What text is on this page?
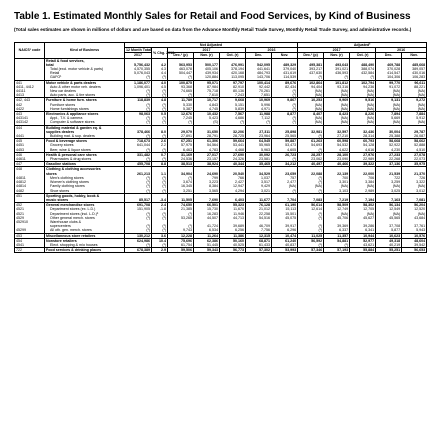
Table 1. Estimated Monthly Sales for Retail and Food Services, by Kind of Business
(Total sales estimates are shown in millions of dollars and are based on data from the Advance Monthly Retail Trade Survey, Monthly Retail Trade Survey, and administrative records.)
NAICS¹ code	Kind of Business	Not Adjusted							Adjusted²				
		12 Month Total	% Chg. 2016	2017			2016		2017			2016	
		2017		Dec.³ (p)	Nov. (r)	Oct. (r)	Dec.	Nov.	Dec.³ (p)	Nov. (r)	Oct. (r)	Dec.	Nov.
	Retail & food services,												
	total	5,756,432	4.2	563,953	500,177	476,991	542,095	489,329	495,381	493,643	488,490	469,788	485,668
	Total (excl. motor vehicle & parts)	4,570,355	4.3	463,078	405,106	378,194	441,641	379,040	393,217	391,021	388,074	370,028	389,057
	Retail	5,076,043	4.4	504,447	439,934	420,168	484,793	431,619	437,630	436,593	432,584	414,547	430,016
	GAFO¹	(¹)	(¹)	(¹)	120,884	113,095	143,706	114,539	(¹)	(¹)	(¹)	104,306	106,283
441	Motor vehicle & parts dealers	1,186,077	4.0	100,875	95,071	97,797	100,414	89,676	102,864	101,812	102,794	99,770	96,611
4411, 4412	Auto & other motor veh. dealers	1,096,401	4.5	93,368	87,984	82,910	92,442	82,434	94,404	93,316	94,236	91,072	88,221
44111	New car dealers	(¹)	(¹)	74,665	75,718	80,136	70,261	(¹)	(NA)	(NA)	(NA)	(NA)	(NA)
4413	Auto parts, acc. & tire stores	(¹)	(¹)	(¹)	7,610	7,243	7,651	(¹)	(NA)	(NA)	(NA)	(NA)	(NA)
442, 443	Furniture & home furn. stores	118,839	4.8	11,789	10,717	9,668	10,969	9,867	10,253	9,969	9,516	9,131	9,272
442	Furniture stores	(¹)	(¹)	5,330	4,843	5,151	5,996	(¹)	(NA)	(NA)	(NA)	(NA)	(NA)
4422	Home furnishings stores	(¹)	(¹)	5,387	4,745	5,839	4,971	(¹)	(NA)	(NA)	(NA)	(NA)	(NA)
443	Electronics & appliance stores	98,063	0.5	12,676	10,432	7,567	11,988	8,877	8,407	8,423	8,226	7,894	7,884
443141	Appl., T.V. & camera	(¹)	(¹)	7,245	5,423	4,686	7,112	(¹)	(NA)	(NA)	(NA)	5,669	5,912
443142	Computer & software stores	(¹)	(¹)	(¹)	(S)	(¹)	(¹)	(¹)	(NA)	(NA)	(NA)	(NA)	(NA)
444	Building material & garden eq. &												
	supplies dealers	378,466	8.0	29,079	31,650	32,206	27,311	25,898	32,981	32,597	32,436	30,004	29,787
4441	Building mat. & sup. dealers	(¹)	(¹)	27,891	28,791	28,725	23,964	25,565	(¹)	27,210	28,314	25,388	26,087
445	Food & beverage stores	718,673	2.6	67,251	61,306	59,664	64,545	59,887	61,263	60,598	60,793	58,668	58,662
4451	Grocery stores	641,044	2.2	57,975	54,564	53,441	55,965	53,473	54,693	54,532	54,128	52,922	52,888
4453	Beer, wine & liquor stores	(¹)	(¹)	6,463	4,783	4,468	5,963	4,605	(¹)	4,622	4,616	4,230	4,510
446	Health & personal care stores	331,482	0.7	31,169	27,017	27,690	30,092	26,723	28,257	28,100	27,976	27,233	27,078
44611	Pharmacies & drug stores	(¹)	(¹)	24,536	23,157	24,326	23,581	(¹)	23,062	23,090	22,989	22,268	22,073
447	Gasoline stations	455,708	8.8	38,513	38,924	40,344	35,465	34,212	40,497	40,466	39,322	37,136	35,975
448	Clothing & clothing accessories												
	stores	261,213	1.1	34,904	24,690	20,540	34,529	23,659	22,088	22,139	22,000	21,539	21,370
44811	Men's clothing stores	(¹)	(¹)	(¹)	799	766	1,037	757	(¹)	700	706	722	726
44812	Women's clothing stores	(¹)	(¹)	3,674	3,223	2,427	3,517	2,477	(¹)	3,301	3,384	3,259	3,322
44814	Family clothing stores	(¹)	(¹)	16,345	8,384	12,947	9,429	(NA)	(NA)	(NA)	(NA)	(NA)	(NA)
4482	Shoe stores	(¹)	(¹)	3,251	3,565	4,294	3,021	(¹)	(¹)	3,103	2,989	3,025	3,012
451	Sporting goods, hobby, book &												
	music stores	85,517	-3.4	11,505	7,690	6,403	11,677	7,704	7,083	7,219	7,194	7,163	7,081
452	General merchandise stores	691,708	2.4	74,650	66,501	55,323	76,128	61,190	56,614	58,509	58,302	56,134	56,204
4521	Department stores (ex. L.D.)	151,905	-1.8	21,385	15,730	11,670	21,012	15,113	12,614	12,749	12,705	12,549	12,520
4521	Department stores (incl. L.D.)⁵	(¹)	(¹)	(¹)	16,283	11,946	22,258	15,501	(¹)	(NA)	(NA)	(NA)	(NA)
4529	Other general merch. stores	(¹)	(¹)	53,265	44,507	44,713	54,516	45,075	(¹)	45,706	45,627	45,565	43,684
452910	Warehouse clubs &												
	supercenters	(¹)	(¹)	(¹)	41,724	39,689	46,709	39,917	(¹)	39,369	39,286	37,708	37,761
45299	All oth. gen. merch. stores	(¹)	(¹)	9,743	6,534	6,256	7,756	6,296	(¹)	6,337	6,341	5,877	5,943
453	Miscellaneous store retailers	130,212	3.6	12,228	11,264	11,386	12,315	10,474	11,025	11,357	10,944	10,623	10,576
454	Nonstore retailers	624,986	10.4	75,696	62,386	50,160	68,871	61,240	56,592	54,881	52,977	49,318	48,604
4541	Elect. shopping & m/o houses	(¹)	(¹)	61,754	51,445	40,525	61,433	40,837	(¹)	(¹)	43,621	40,219	39,542
722	Food services & drinking places	678,389	2.9	59,506	59,343	56,773	57,302	53,993	57,346	57,193	55,884	55,251	56,653
